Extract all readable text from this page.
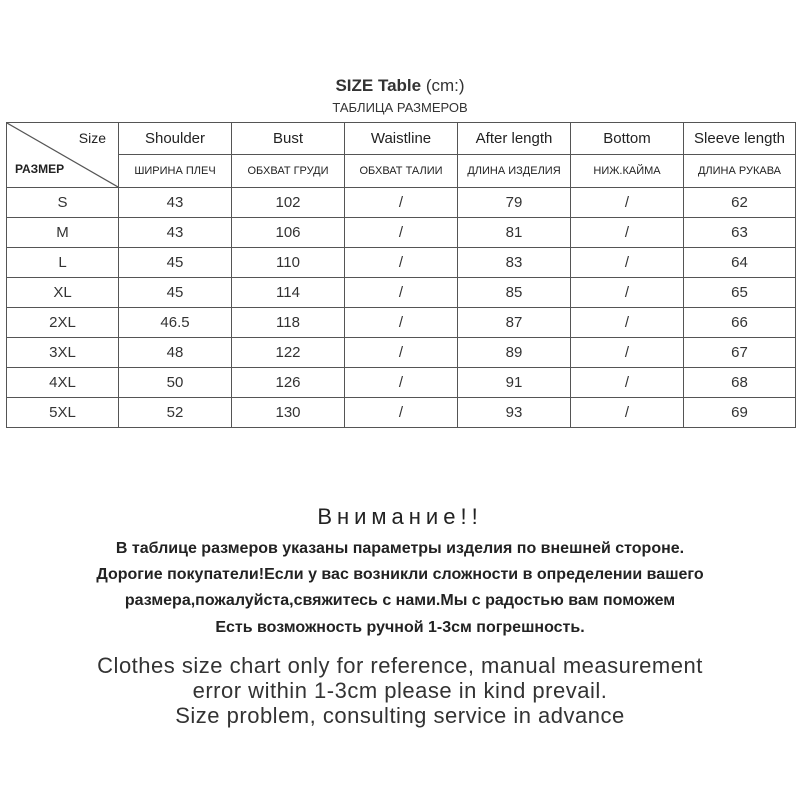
SIZE Table (cm:)
ТАБЛИЦА РАЗМЕРОВ
Size
РАЗМЕР	Shoulder	Bust	Waistline	After length	Bottom	Sleeve length
	ШИРИНА ПЛЕЧ	ОБХВАТ ГРУДИ	ОБХВАТ ТАЛИИ	ДЛИНА ИЗДЕЛИЯ	НИЖ.КАЙМА	ДЛИНА РУКАВА
S	43	102	/	79	/	62
M	43	106	/	81	/	63
L	45	110	/	83	/	64
XL	45	114	/	85	/	65
2XL	46.5	118	/	87	/	66
3XL	48	122	/	89	/	67
4XL	50	126	/	91	/	68
5XL	52	130	/	93	/	69
Внимание!!
В таблице размеров указаны параметры изделия по внешней стороне.
Дорогие покупатели!Если у вас возникли сложности в определении вашего
размера,пожалуйста,свяжитесь с нами.Мы с радостью вам поможем
Есть возможность ручной 1-3см погрешность.
Clothes size chart only for reference, manual measurement
error within 1-3cm please in kind prevail.
Size problem, consulting service in advance
